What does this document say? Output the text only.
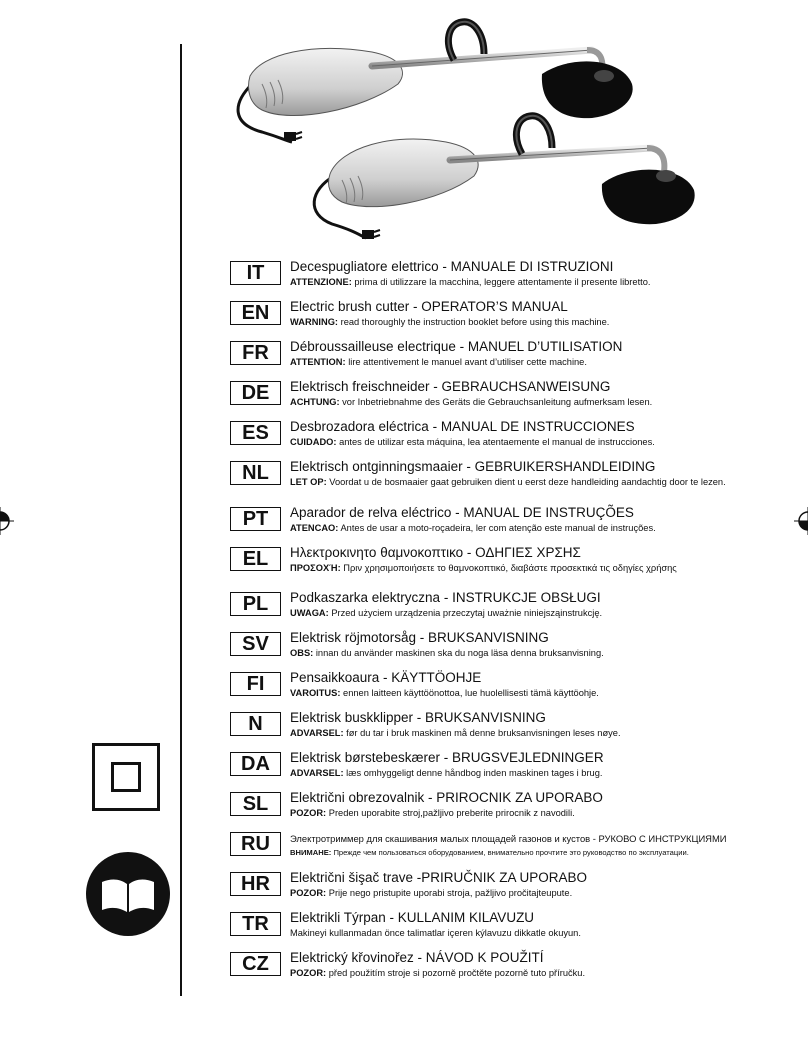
IT	Decespugliatore elettrico - MANUALE DI ISTRUZIONI
ATTENZIONE: prima di utilizzare la macchina, leggere attentamente il presente libretto.
EN	Electric brush cutter - OPERATOR’S MANUAL
WARNING: read thoroughly the instruction booklet before using this machine.
FR	Débroussailleuse electrique - MANUEL D’UTILISATION
ATTENTION: lire attentivement le manuel avant d’utiliser cette machine.
DE	Elektrisch freischneider - GEBRAUCHSANWEISUNG
ACHTUNG: vor Inbetriebnahme des Geräts die Gebrauchsanleitung aufmerksam lesen.
ES	Desbrozadora eléctrica - MANUAL DE INSTRUCCIONES
CUIDADO: antes de utilizar esta máquina, lea atentaemente el manual de instrucciones.
NL	Elektrisch ontginningsmaaier - GEBRUIKERSHANDLEIDING
LET OP: Voordat u de bosmaaier gaat gebruiken dient u eerst deze handleiding aandachtig door te lezen.
PT	Aparador de relva eléctrico - MANUAL DE INSTRUÇÕES
ATENCAO: Antes de usar a moto-roçadeira, ler com atenção este manual de instruções.
EL	Ηλεκτροκινητο θαμνοκοπτικο - ΟΔΗΓΙΕΣ ΧΡΣΗΣ
ΠΡΟΣΟΧΉ: Πριν χρησιμοποιήσετε το θαμνοκοπτικό, διαβάστε προσεκτικά τις οδηγίες χρήσης
PL	Podkaszarka elektryczna - INSTRUKCJE OBSŁUGI
UWAGA: Przed użyciem urządzenia przeczytaj uważnie niniejsząinstrukcję.
SV	Elektrisk röjmotorsåg - BRUKSANVISNING
OBS: innan du använder maskinen ska du noga läsa denna bruksanvisning.
FI	Pensaikkoaura - KÄYTTÖOHJE
VAROITUS: ennen laitteen käyttöönottoa, lue huolellisesti tämä käyttöohje.
N	Elektrisk buskklipper - BRUKSANVISNING
ADVARSEL: før du tar i bruk maskinen må denne bruksanvisningen leses nøye.
DA	Elektrisk børstebeskærer - BRUGSVEJLEDNINGER
ADVARSEL: læs omhyggeligt denne håndbog inden maskinen tages i brug.
SL	Električni obrezovalnik - PRIROCNIK ZA UPORABO
POZOR: Preden uporabite stroj,pažljivo preberite prirocnik z navodili.
RU	Электротриммер для скашивания малых площадей газонов и кустов - РУКОВО С ИНСТРУКЦИЯМИ
ВНИМАНЕ: Прежде чем пользоваться оборудованием, внимательно прочтите это руководство по эксплуатации.
HR	Električni šişač trave -PRIRUČNIK ZA UPORABO
POZOR: Prije nego pristupite uporabi stroja, pažljivo pročitajteupute.
TR	Elektrikli Týrpan - KULLANIM KILAVUZU
Makineyi kullanmadan önce talimatlar içeren kýlavuzu dikkatle okuyun.
CZ	Elektrický křovinořez - NÁVOD K POUŽITÍ
POZOR: před použitím stroje si pozorně pročtěte pozorně tuto příručku.
